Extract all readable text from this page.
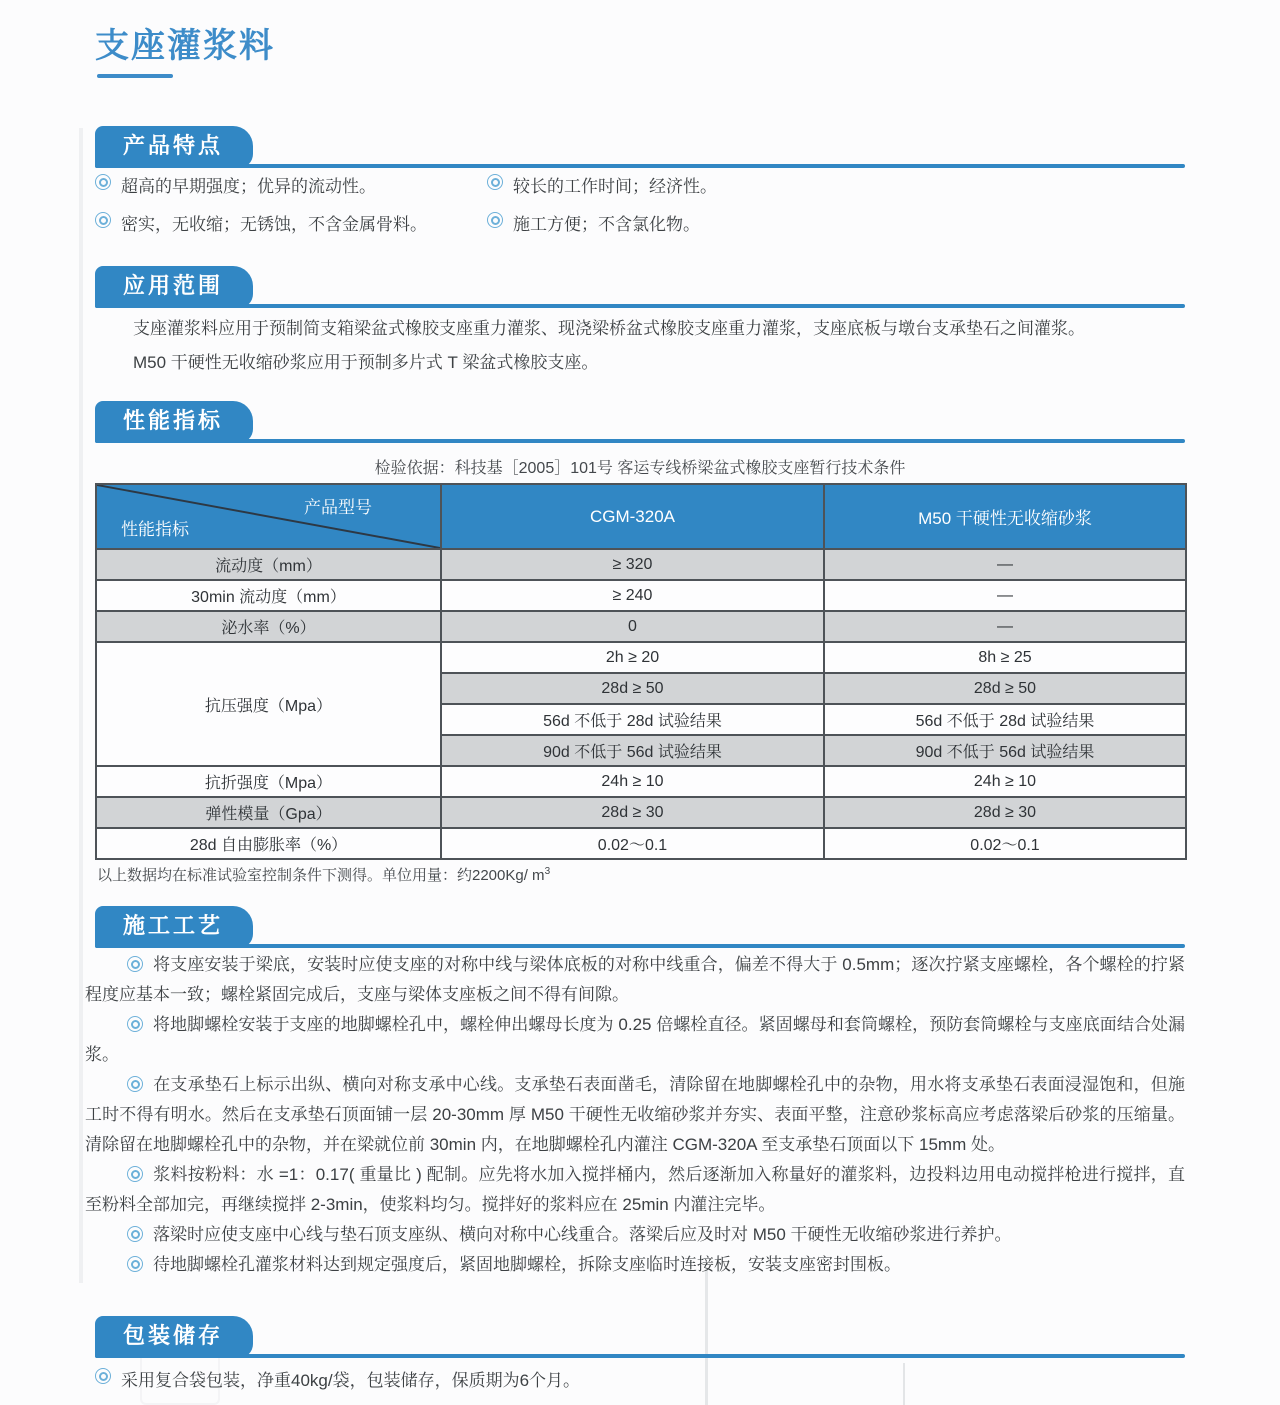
支座灌浆料
产品特点
超高的早期强度；优异的流动性。	较长的工作时间；经济性。
密实，无收缩；无锈蚀，不含金属骨料。	施工方便；不含氯化物。
应用范围
支座灌浆料应用于预制简支箱梁盆式橡胶支座重力灌浆、现浇梁桥盆式橡胶支座重力灌浆，支座底板与墩台支承垫石之间灌浆。
M50 干硬性无收缩砂浆应用于预制多片式 T 梁盆式橡胶支座。
性能指标
检验依据：科技基［2005］101号 客运专线桥梁盆式橡胶支座暂行技术条件
产品型号
性能指标	CGM-320A	M50 干硬性无收缩砂浆
流动度（mm）	≥ 320	—
30min 流动度（mm）	≥ 240	—
泌水率（%）	0	—
抗压强度（Mpa）	2h ≥ 20	8h ≥ 25
	28d ≥ 50	28d ≥ 50
	56d 不低于 28d 试验结果	56d 不低于 28d 试验结果
	90d 不低于 56d 试验结果	90d 不低于 56d 试验结果
抗折强度（Mpa）	24h ≥ 10	24h ≥ 10
弹性模量（Gpa）	28d ≥ 30	28d ≥ 30
28d 自由膨胀率（%）	0.02～0.1	0.02～0.1
以上数据均在标准试验室控制条件下测得。单位用量：约2200Kg/ $m^3$
施工工艺

将支座安装于梁底，安装时应使支座的对称中线与梁体底板的对称中线重合，偏差不得大于 0.5mm；逐次拧紧支座螺栓，各个螺栓的拧紧程度应基本一致；螺栓紧固完成后，支座与梁体支座板之间不得有间隙。

将地脚螺栓安装于支座的地脚螺栓孔中，螺栓伸出螺母长度为 0.25 倍螺栓直径。紧固螺母和套筒螺栓，预防套筒螺栓与支座底面结合处漏浆。

在支承垫石上标示出纵、横向对称支承中心线。支承垫石表面凿毛，清除留在地脚螺栓孔中的杂物，用水将支承垫石表面浸湿饱和，但施工时不得有明水。然后在支承垫石顶面铺一层 20-30mm 厚 M50 干硬性无收缩砂浆并夯实、表面平整，注意砂浆标高应考虑落梁后砂浆的压缩量。清除留在地脚螺栓孔中的杂物，并在梁就位前 30min 内，在地脚螺栓孔内灌注 CGM-320A 至支承垫石顶面以下 15mm 处。

浆料按粉料：水 =1：0.17( 重量比 ) 配制。应先将水加入搅拌桶内，然后逐渐加入称量好的灌浆料，边投料边用电动搅拌枪进行搅拌，直至粉料全部加完，再继续搅拌 2-3min，使浆料均匀。搅拌好的浆料应在 25min 内灌注完毕。

落梁时应使支座中心线与垫石顶支座纵、横向对称中心线重合。落梁后应及时对 M50 干硬性无收缩砂浆进行养护。

待地脚螺栓孔灌浆材料达到规定强度后，紧固地脚螺栓，拆除支座临时连接板，安装支座密封围板。

包装储存
采用复合袋包装，净重40kg/袋，包装储存，保质期为6个月。
